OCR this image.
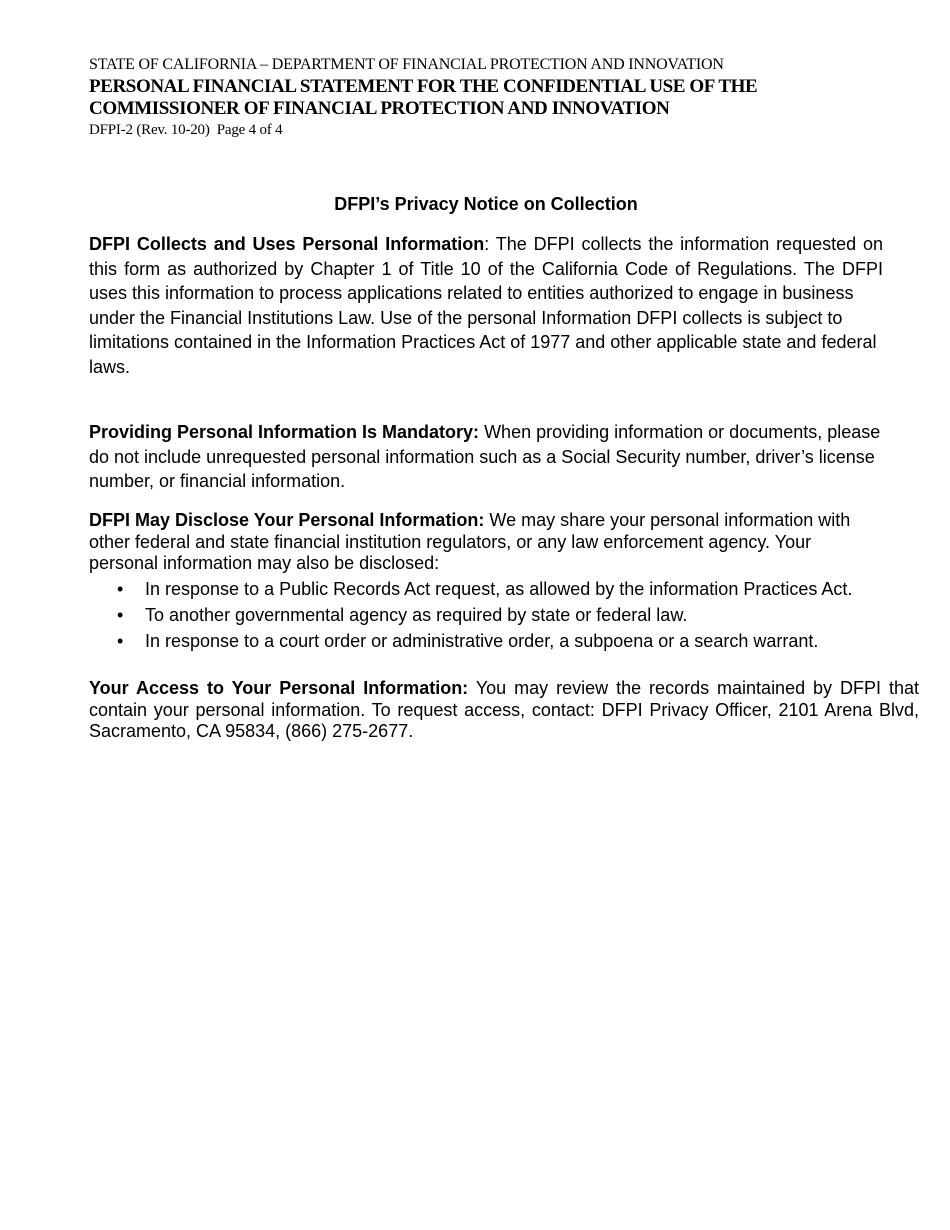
STATE OF CALIFORNIA – DEPARTMENT OF FINANCIAL PROTECTION AND INNOVATION
PERSONAL FINANCIAL STATEMENT FOR THE CONFIDENTIAL USE OF THE
COMMISSIONER OF FINANCIAL PROTECTION AND INNOVATION
DFPI-2 (Rev. 10-20) Page 4 of 4
DFPI’s Privacy Notice on Collection
DFPI Collects and Uses Personal Information: The DFPI collects the information requested on this form as authorized by Chapter 1 of Title 10 of the California Code of Regulations. The DFPI uses this information to process applications related to entities authorized to engage in business
under the Financial Institutions Law. Use of the personal Information DFPI collects is subject to limitations contained in the Information Practices Act of 1977 and other applicable state and federal laws.
Providing Personal Information Is Mandatory: When providing information or documents, please do not include unrequested personal information such as a Social Security number, driver’s license number, or financial information.
DFPI May Disclose Your Personal Information: We may share your personal information with other federal and state financial institution regulators, or any law enforcement agency. Your personal information may also be disclosed:
• In response to a Public Records Act request, as allowed by the information Practices Act.
• To another governmental agency as required by state or federal law.
• In response to a court order or administrative order, a subpoena or a search warrant.
Your Access to Your Personal Information: You may review the records maintained by DFPI that contain your personal information. To request access, contact: DFPI Privacy Officer, 2101 Arena Blvd, Sacramento, CA 95834, (866) 275-2677.
